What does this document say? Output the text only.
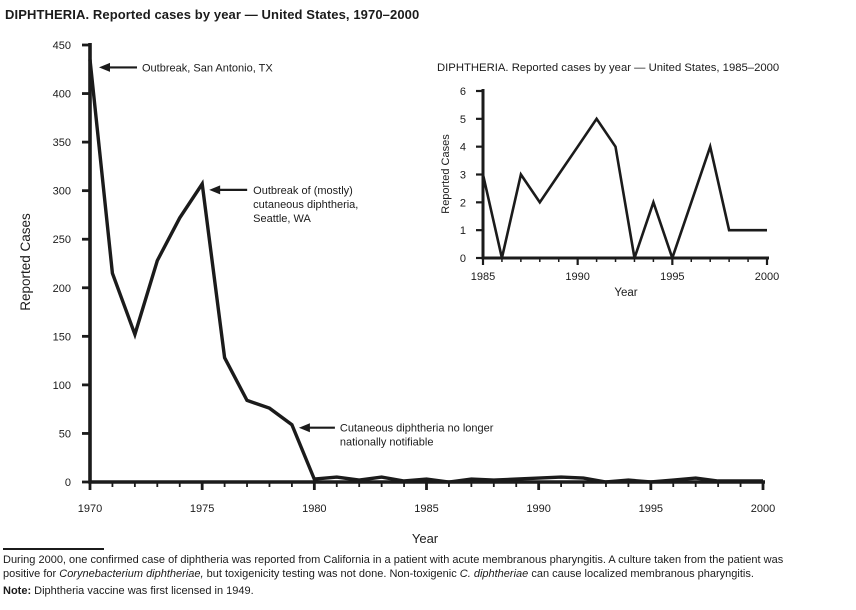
DIPHTHERIA. Reported cases by year — United States, 1970–2000
0
50
100
150
200
250
300
350
400
450
1970	1975	1980	1985	1990	1995	2000
Reported Cases
Year
Outbreak, San Antonio, TX
Outbreak of (mostly)
cutaneous diphtheria,
Seattle, WA
Cutaneous diphtheria no longer
nationally notifiable
DIPHTHERIA. Reported cases by year — United States, 1985–2000
0
1
2
3
4
5
6
1985	1990	1995	2000
Reported Cases
Year

During 2000, one confirmed case of diphtheria was reported from California in a patient with acute membranous pharyngitis. A culture taken from the patient was
positive for Corynebacterium diphtheriae, but toxigenicity testing was not done. Non-toxigenic C. diphtheriae can cause localized membranous pharyngitis.

Note: Diphtheria vaccine was first licensed in 1949.
